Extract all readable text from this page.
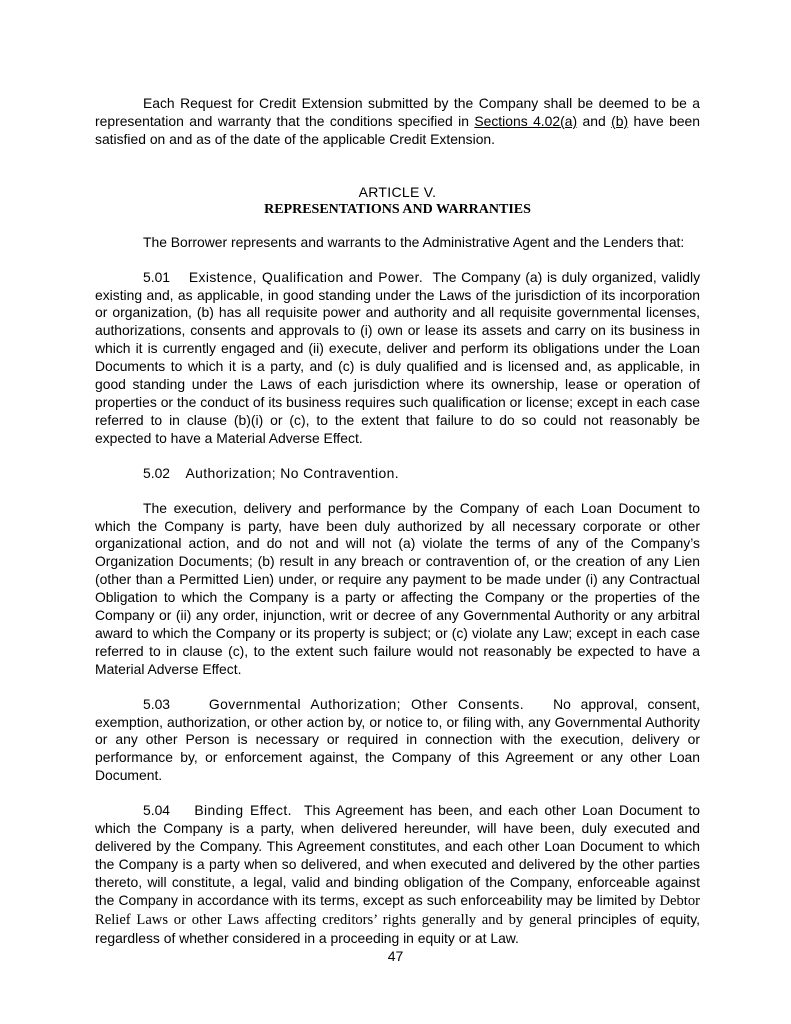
Each Request for Credit Extension submitted by the Company shall be deemed to be a representation and warranty that the conditions specified in Sections 4.02(a) and (b) have been satisfied on and as of the date of the applicable Credit Extension.

ARTICLE V.

REPRESENTATIONS AND WARRANTIES

The Borrower represents and warrants to the Administrative Agent and the Lenders that:

5.01 Existence, Qualification and Power. The Company (a) is duly organized, validly existing and, as applicable, in good standing under the Laws of the jurisdiction of its incorporation or organization, (b) has all requisite power and authority and all requisite governmental licenses, authorizations, consents and approvals to (i) own or lease its assets and carry on its business in which it is currently engaged and (ii) execute, deliver and perform its obligations under the Loan Documents to which it is a party, and (c) is duly qualified and is licensed and, as applicable, in good standing under the Laws of each jurisdiction where its ownership, lease or operation of properties or the conduct of its business requires such qualification or license; except in each case referred to in clause (b)(i) or (c), to the extent that failure to do so could not reasonably be expected to have a Material Adverse Effect.

5.02 Authorization; No Contravention.

The execution, delivery and performance by the Company of each Loan Document to which the Company is party, have been duly authorized by all necessary corporate or other organizational action, and do not and will not (a) violate the terms of any of the Company’s Organization Documents; (b) result in any breach or contravention of, or the creation of any Lien (other than a Permitted Lien) under, or require any payment to be made under (i) any Contractual Obligation to which the Company is a party or affecting the Company or the properties of the Company or (ii) any order, injunction, writ or decree of any Governmental Authority or any arbitral award to which the Company or its property is subject; or (c) violate any Law; except in each case referred to in clause (c), to the extent such failure would not reasonably be expected to have a Material Adverse Effect.

5.03	Governmental Authorization; Other Consents. No approval, consent, exemption, authorization, or other action by, or notice to, or filing with, any Governmental Authority or any other Person is necessary or required in connection with the execution, delivery or performance by, or enforcement against, the Company of this Agreement or any other Loan Document.

5.04 Binding Effect. This Agreement has been, and each other Loan Document to which the Company is a party, when delivered hereunder, will have been, duly executed and delivered by the Company. This Agreement constitutes, and each other Loan Document to which the Company is a party when so delivered, and when executed and delivered by the other parties thereto, will constitute, a legal, valid and binding obligation of the Company, enforceable against the Company in accordance with its terms, except as such enforceability may be limited by Debtor Relief Laws or other Laws affecting creditors’ rights generally and by general principles of equity, regardless of whether considered in a proceeding in equity or at Law.

47
